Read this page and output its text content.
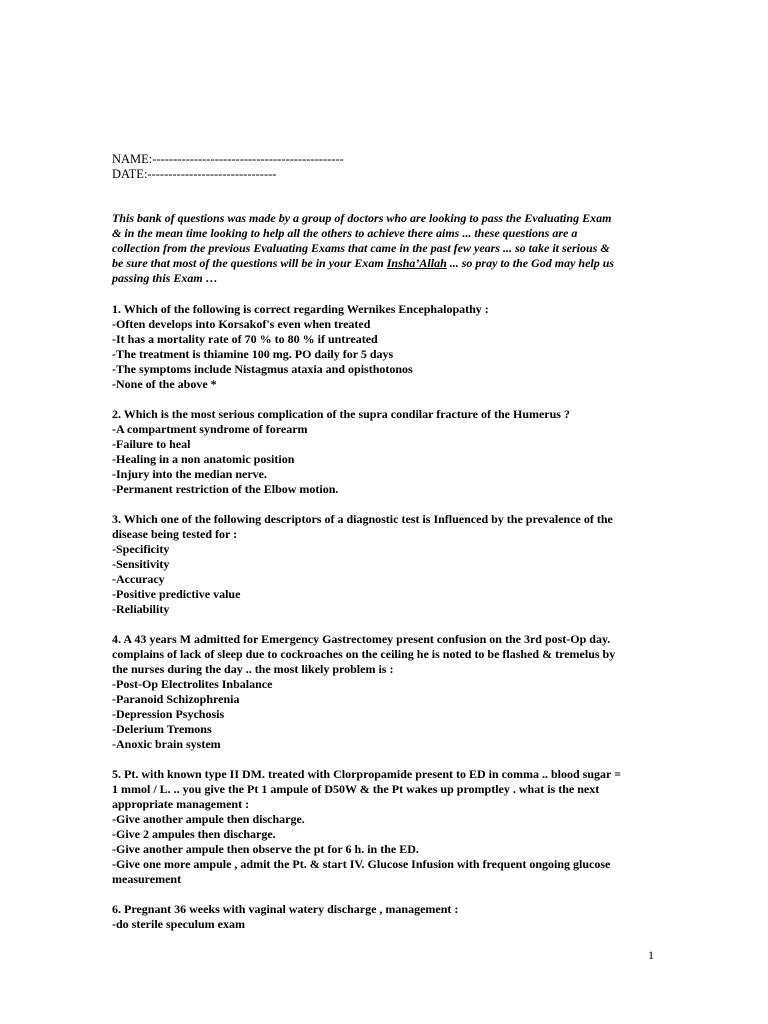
NAME:----------------------------------------------
DATE:-------------------------------
This bank of questions was made by a group of doctors who are looking to pass the Evaluating Exam
& in the mean time looking to help all the others to achieve there aims ... these questions are a
collection from the previous Evaluating Exams that came in the past few years ... so take it serious &
be sure that most of the questions will be in your Exam Insha’Allah ... so pray to the God may help us
passing this Exam …
1. Which of the following is correct regarding Wernikes Encephalopathy :
-Often develops into Korsakof's even when treated
-It has a mortality rate of 70 % to 80 % if untreated
-The treatment is thiamine 100 mg. PO daily for 5 days
-The symptoms include Nistagmus ataxia and opisthotonos
-None of the above *
2. Which is the most serious complication of the supra condilar fracture of the Humerus ?
-A compartment syndrome of forearm
-Failure to heal
-Healing in a non anatomic position
-Injury into the median nerve.
-Permanent restriction of the Elbow motion.
3. Which one of the following descriptors of a diagnostic test is Influenced by the prevalence of the
disease being tested for :
-Specificity
-Sensitivity
-Accuracy
-Positive predictive value
-Reliability
4. A 43 years M admitted for Emergency Gastrectomey present confusion on the 3rd post-Op day.
complains of lack of sleep due to cockroaches on the ceiling he is noted to be flashed & tremelus by
the nurses during the day .. the most likely problem is :
-Post-Op Electrolites Inbalance
-Paranoid Schizophrenia
-Depression Psychosis
-Delerium Tremons
-Anoxic brain system
5. Pt. with known type II DM. treated with Clorpropamide present to ED in comma .. blood sugar =
1 mmol / L. .. you give the Pt 1 ampule of D50W & the Pt wakes up promptley . what is the next
appropriate management :
-Give another ampule then discharge.
-Give 2 ampules then discharge.
-Give another ampule then observe the pt for 6 h. in the ED.
-Give one more ampule , admit the Pt. & start IV. Glucose Infusion with frequent ongoing glucose
measurement
6. Pregnant 36 weeks with vaginal watery discharge , management :
-do sterile speculum exam
1
